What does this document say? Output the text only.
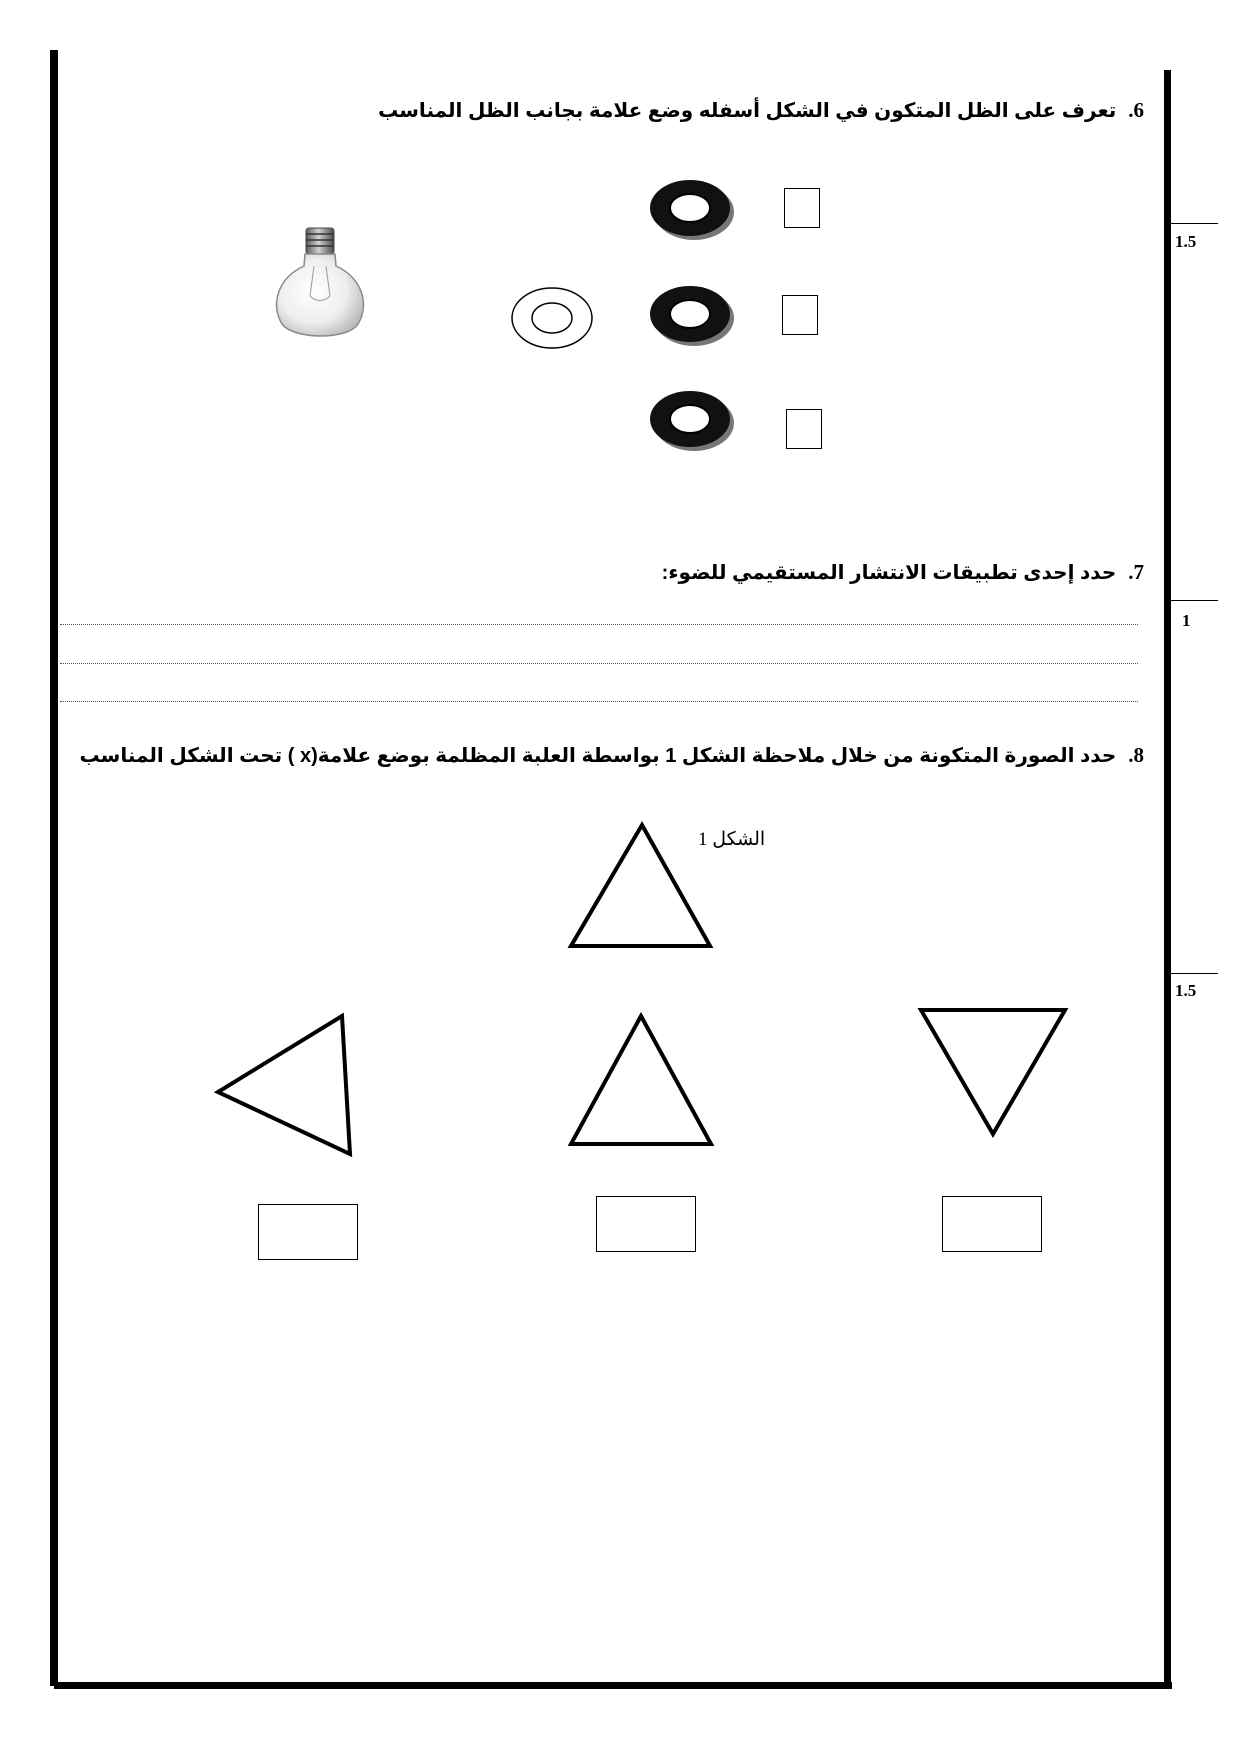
1.5
1
1.5
6.تعرف على الظل المتكون في الشكل أسفله وضع علامة بجانب الظل المناسب
7.حدد إحدى تطبيقات الانتشار المستقيمي للضوء:
8.حدد الصورة المتكونة من خلال ملاحظة الشكل 1 بواسطة العلبة المظلمة بوضع علامة(x ) تحت الشكل المناسب
الشكل 1
